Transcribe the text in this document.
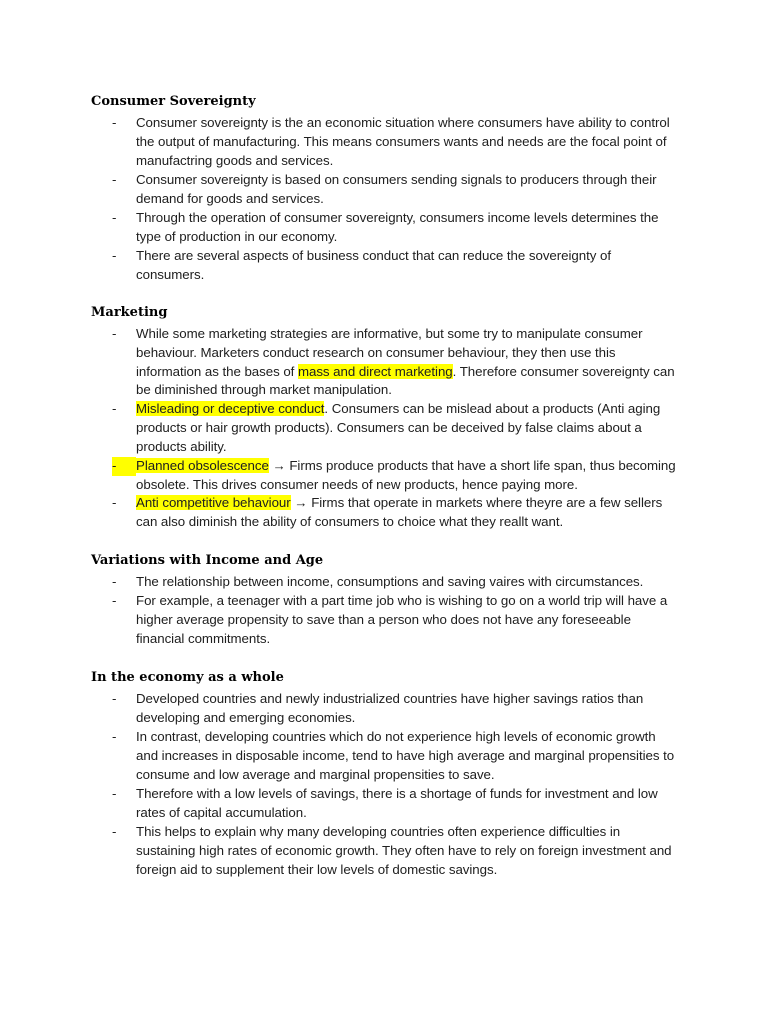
Consumer Sovereignty
-	Consumer sovereignty is the an economic situation where consumers have ability to control the output of manufacturing. This means consumers wants and needs are the focal point of manufactring goods and services.

-	Consumer sovereignty is based on consumers sending signals to producers through their demand for goods and services.

-	Through the operation of consumer sovereignty, consumers income levels determines the type of production in our economy.

-	There are several aspects of business conduct that can reduce the sovereignty of consumers.

Marketing
-	While some marketing strategies are informative, but some try to manipulate consumer behaviour. Marketers conduct research on consumer behaviour, they then use this information as the bases of mass and direct marketing. Therefore consumer sovereignty can be diminished through market manipulation.

-	Misleading or deceptive conduct. Consumers can be mislead about a products (Anti aging products or hair growth products). Consumers can be deceived by false claims about a products ability.

-	Planned obsolescence → Firms produce products that have a short life span, thus becoming obsolete. This drives consumer needs of new products, hence paying more.

-	Anti competitive behaviour → Firms that operate in markets where theyre are a few sellers can also diminish the ability of consumers to choice what they reallt want.

Variations with Income and Age
-	The relationship between income, consumptions and saving vaires with circumstances.

-	For example, a teenager with a part time job who is wishing to go on a world trip will have a higher average propensity to save than a person who does not have any foreseeable financial commitments.

In the economy as a whole
-	Developed countries and newly industrialized countries have higher savings ratios than developing and emerging economies.

-	In contrast, developing countries which do not experience high levels of economic growth and increases in disposable income, tend to have high average and marginal propensities to consume and low average and marginal propensities to save.

-	Therefore with a low levels of savings, there is a shortage of funds for investment and low rates of capital accumulation.

-	This helps to explain why many developing countries often experience difficulties in sustaining high rates of economic growth. They often have to rely on foreign investment and foreign aid to supplement their low levels of domestic savings.
